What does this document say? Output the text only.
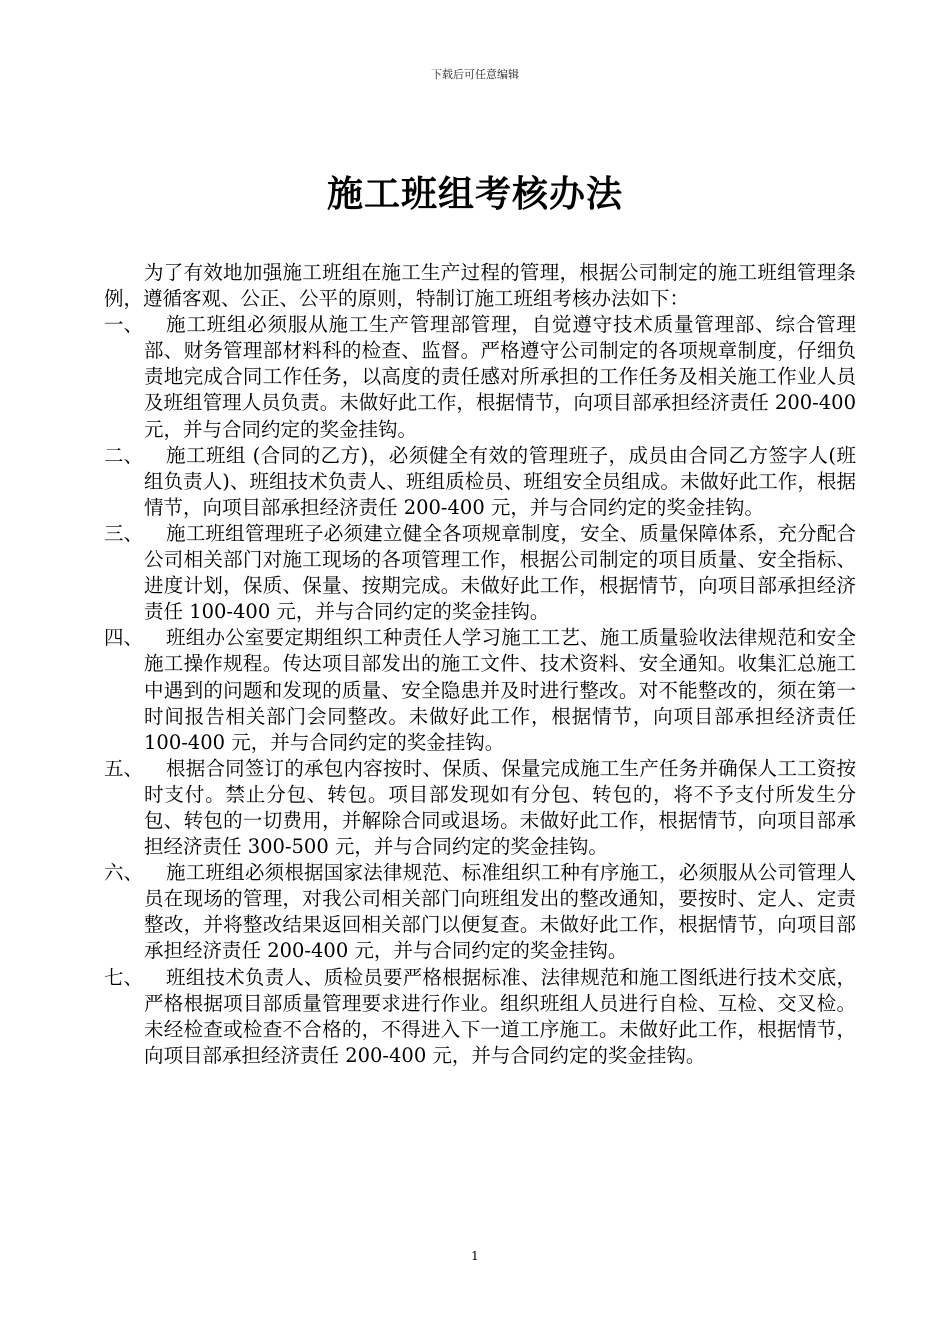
下载后可任意编辑
施工班组考核办法

为了有效地加强施工班组在施工生产过程的管理，根据公司制定的施工班组管理条例，遵循客观、公正、公平的原则，特制订施工班组考核办法如下：

一、	施工班组必须服从施工生产管理部管理，自觉遵守技术质量管理部、综合管理部、财务管理部材料科的检查、监督。严格遵守公司制定的各项规章制度，仔细负责地完成合同工作任务，以高度的责任感对所承担的工作任务及相关施工作业人员及班组管理人员负责。未做好此工作，根据情节，向项目部承担经济责任 200-400 元，并与合同约定的奖金挂钩。
二、	施工班组 (合同的乙方)，必须健全有效的管理班子，成员由合同乙方签字人(班组负责人)、班组技术负责人、班组质检员、班组安全员组成。未做好此工作，根据情节，向项目部承担经济责任 200-400 元，并与合同约定的奖金挂钩。
三、	施工班组管理班子必须建立健全各项规章制度，安全、质量保障体系，充分配合公司相关部门对施工现场的各项管理工作，根据公司制定的项目质量、安全指标、进度计划，保质、保量、按期完成。未做好此工作，根据情节，向项目部承担经济责任 100-400 元，并与合同约定的奖金挂钩。
四、	班组办公室要定期组织工种责任人学习施工工艺、施工质量验收法律规范和安全施工操作规程。传达项目部发出的施工文件、技术资料、安全通知。收集汇总施工中遇到的问题和发现的质量、安全隐患并及时进行整改。对不能整改的，须在第一时间报告相关部门会同整改。未做好此工作，根据情节，向项目部承担经济责任 100-400 元，并与合同约定的奖金挂钩。
五、	根据合同签订的承包内容按时、保质、保量完成施工生产任务并确保人工工资按时支付。禁止分包、转包。项目部发现如有分包、转包的，将不予支付所发生分包、转包的一切费用，并解除合同或退场。未做好此工作，根据情节，向项目部承担经济责任 300-500 元，并与合同约定的奖金挂钩。
六、	施工班组必须根据国家法律规范、标准组织工种有序施工，必须服从公司管理人员在现场的管理，对我公司相关部门向班组发出的整改通知，要按时、定人、定责整改，并将整改结果返回相关部门以便复查。未做好此工作，根据情节，向项目部承担经济责任 200-400 元，并与合同约定的奖金挂钩。
七、	班组技术负责人、质检员要严格根据标准、法律规范和施工图纸进行技术交底，严格根据项目部质量管理要求进行作业。组织班组人员进行自检、互检、交叉检。未经检查或检查不合格的，不得进入下一道工序施工。未做好此工作，根据情节，向项目部承担经济责任 200-400 元，并与合同约定的奖金挂钩。
1
